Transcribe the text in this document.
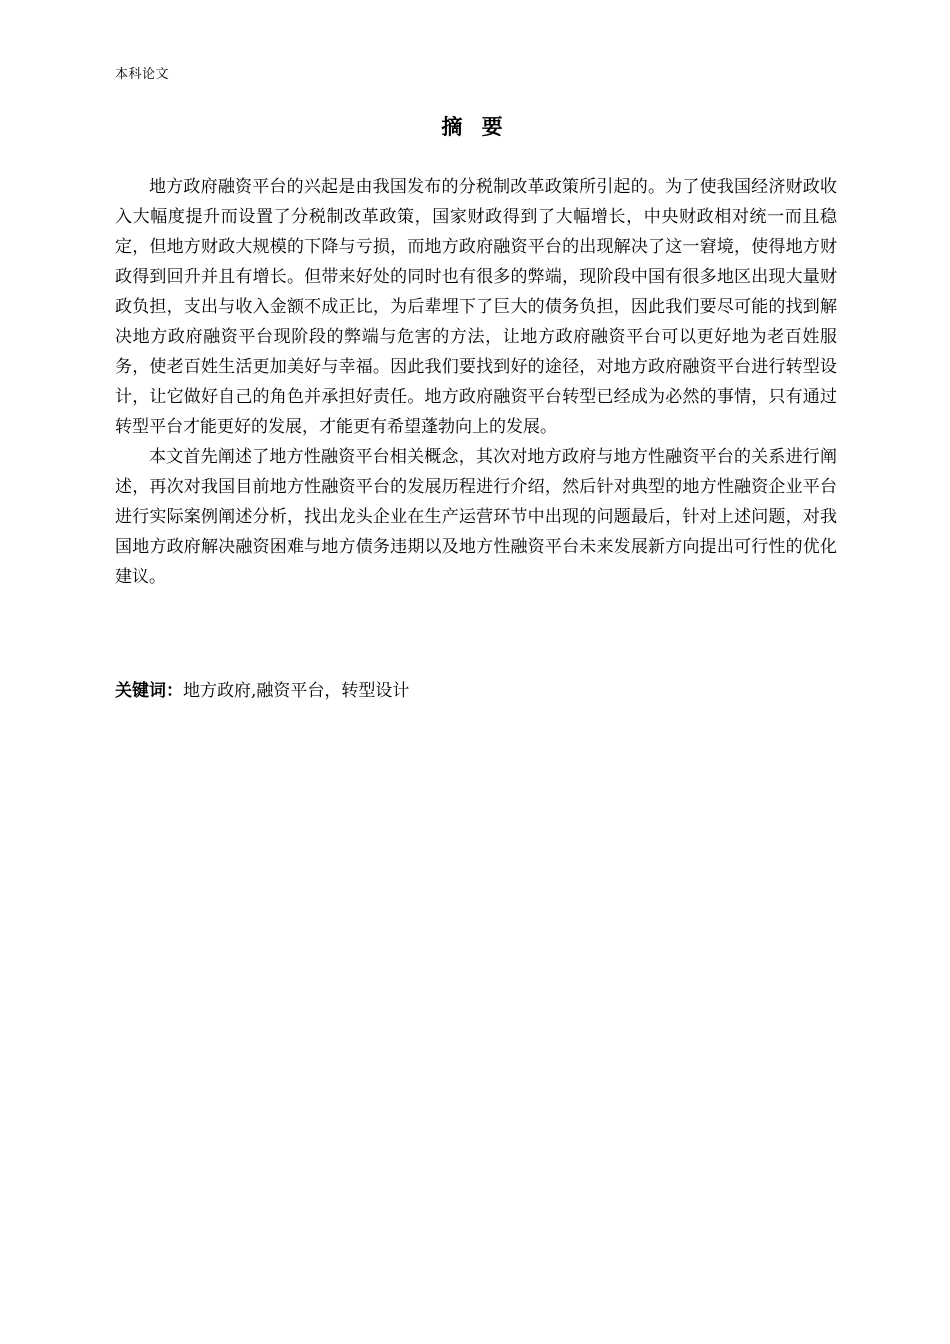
本科论文
摘 要

地方政府融资平台的兴起是由我国发布的分税制改革政策所引起的。为了使我国经济财政收入大幅度提升而设置了分税制改革政策，国家财政得到了大幅增长，中央财政相对统一而且稳定，但地方财政大规模的下降与亏损，而地方政府融资平台的出现解决了这一窘境，使得地方财政得到回升并且有增长。但带来好处的同时也有很多的弊端，现阶段中国有很多地区出现大量财政负担，支出与收入金额不成正比，为后辈埋下了巨大的债务负担，因此我们要尽可能的找到解决地方政府融资平台现阶段的弊端与危害的方法，让地方政府融资平台可以更好地为老百姓服务，使老百姓生活更加美好与幸福。因此我们要找到好的途径，对地方政府融资平台进行转型设计，让它做好自己的角色并承担好责任。地方政府融资平台转型已经成为必然的事情，只有通过转型平台才能更好的发展，才能更有希望蓬勃向上的发展。

本文首先阐述了地方性融资平台相关概念，其次对地方政府与地方性融资平台的关系进行阐述，再次对我国目前地方性融资平台的发展历程进行介绍，然后针对典型的地方性融资企业平台进行实际案例阐述分析，找出龙头企业在生产运营环节中出现的问题最后，针对上述问题，对我国地方政府解决融资困难与地方债务违期以及地方性融资平台未来发展新方向提出可行性的优化建议。

关键词：地方政府,融资平台，转型设计
